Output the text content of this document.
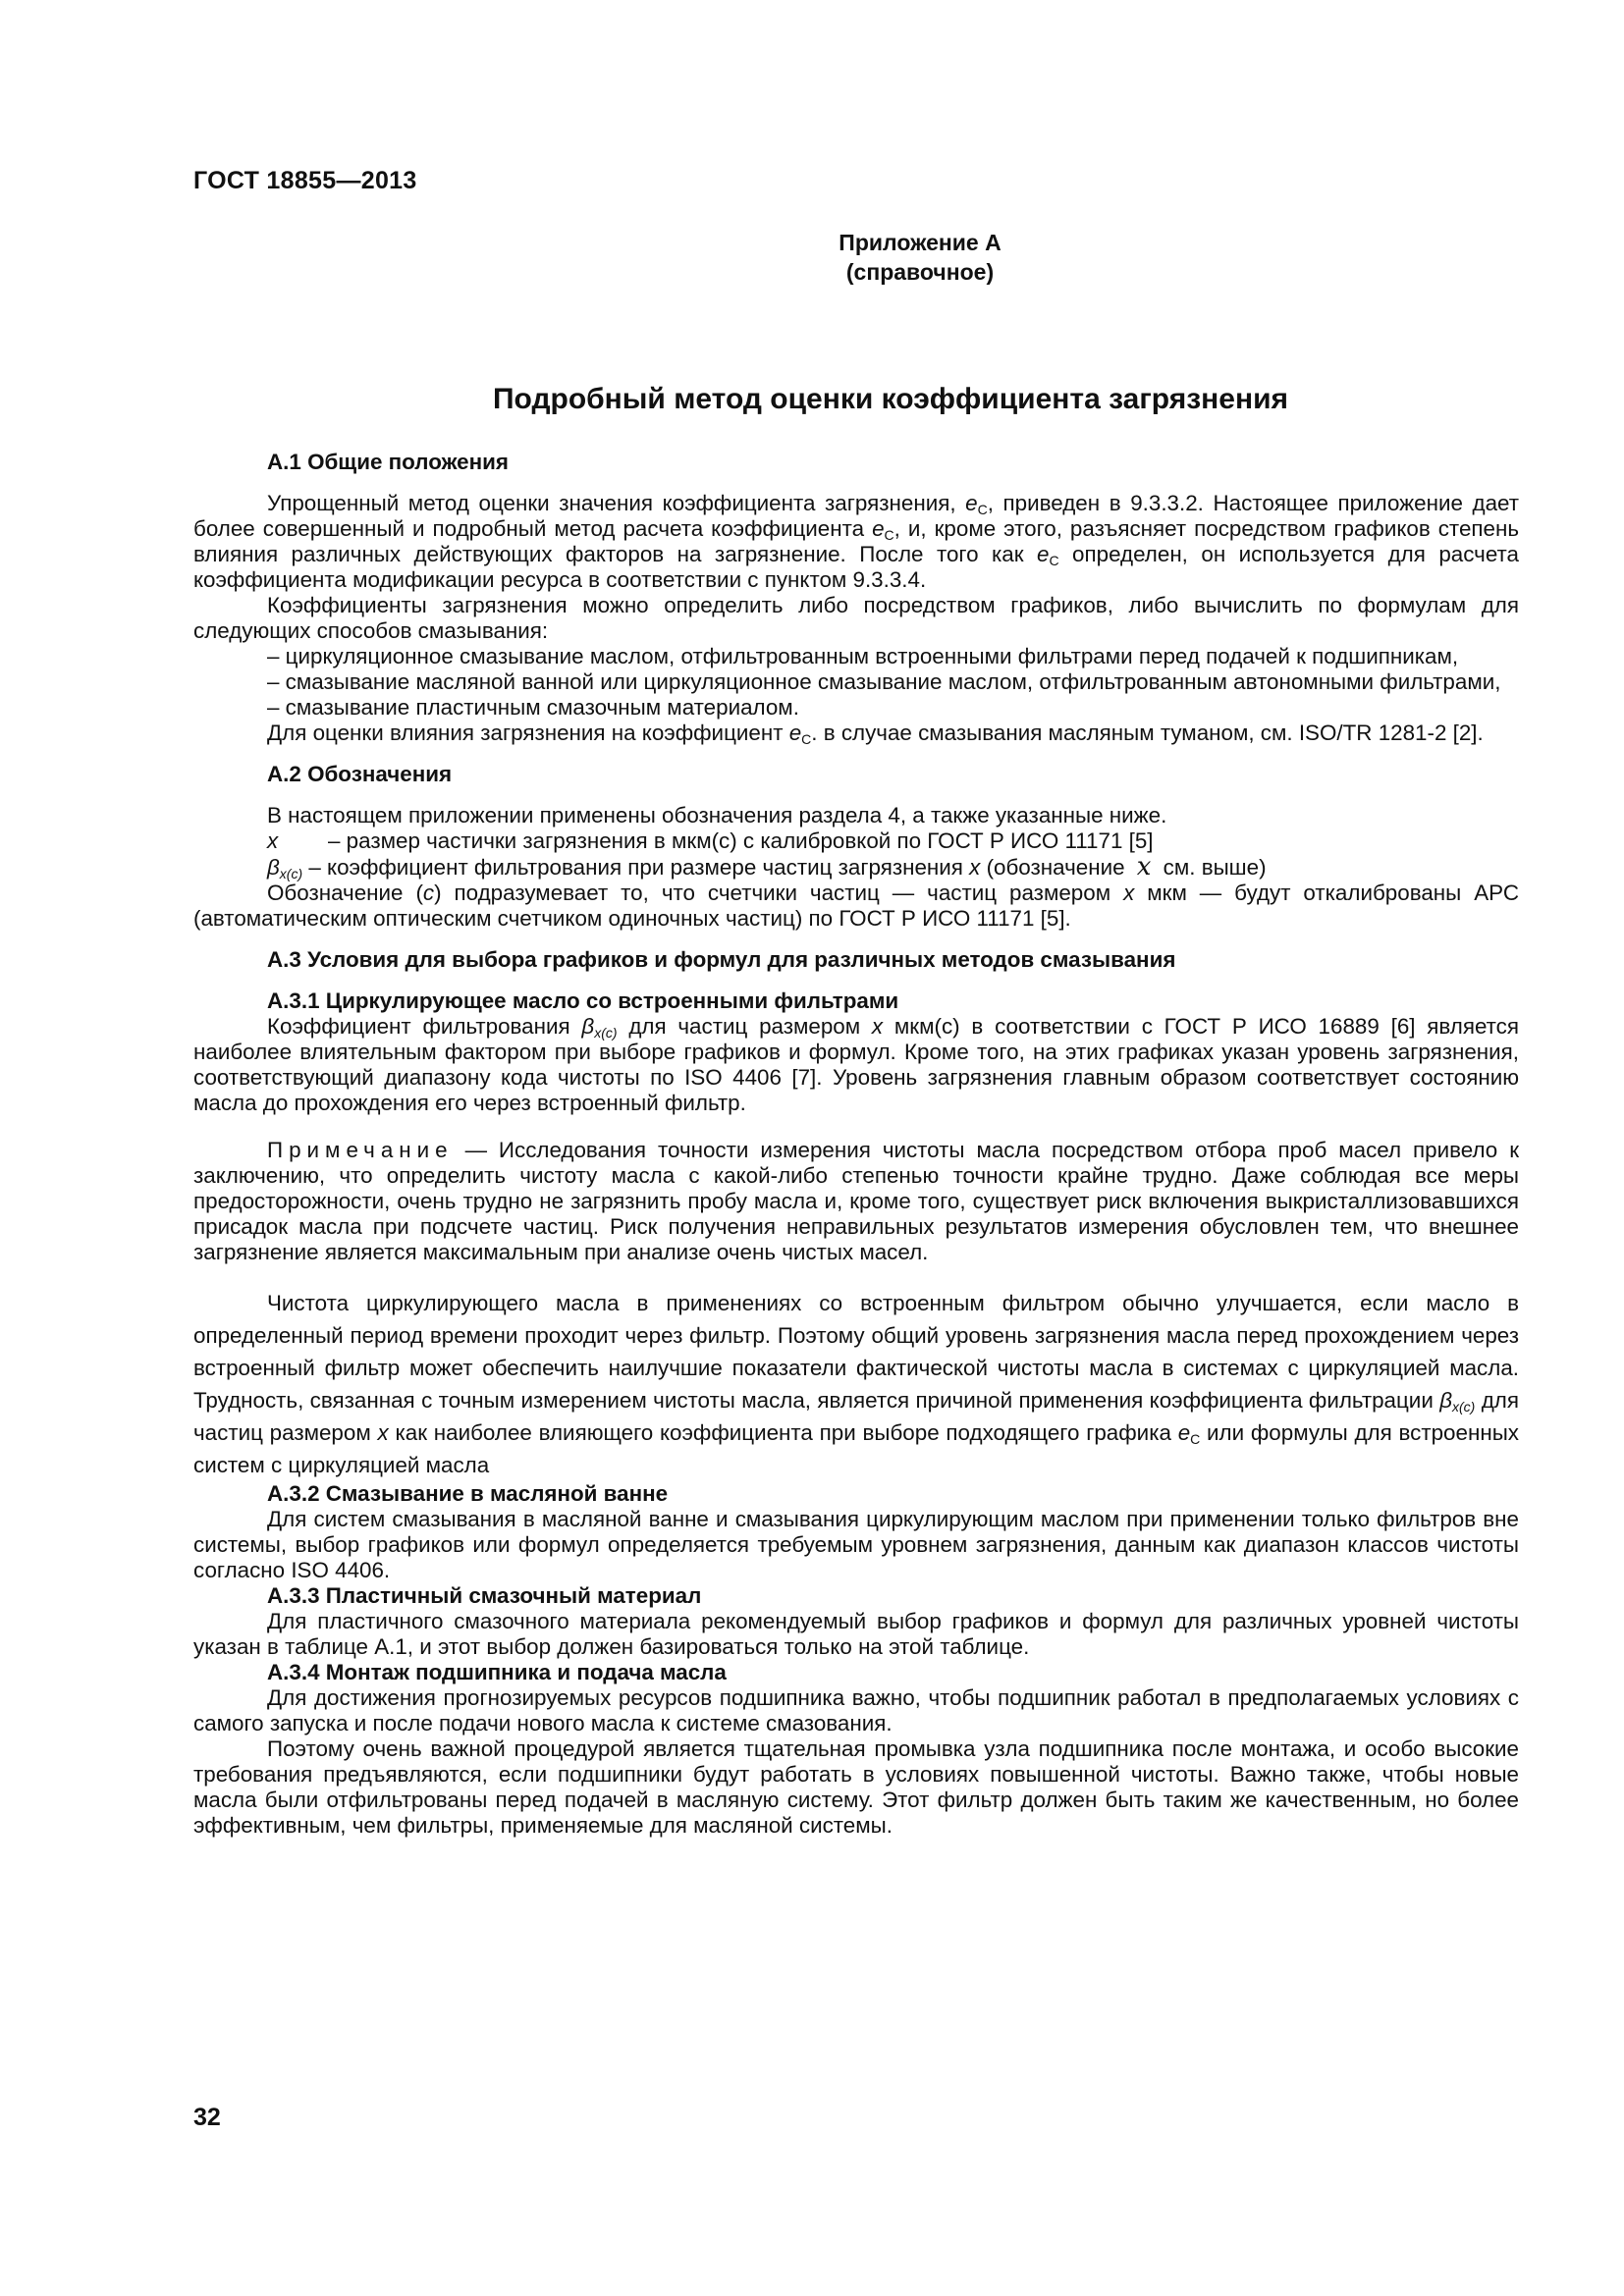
ГОСТ 18855—2013
Приложение А
(справочное)
Подробный метод оценки коэффициента загрязнения
А.1 Общие положения

Упрощенный метод оценки значения коэффициента загрязнения, $e_C$, приведен в 9.3.3.2. Настоящее приложение дает более совершенный и подробный метод расчета коэффициента $e_C$, и, кроме этого, разъясняет посредством графиков степень влияния различных действующих факторов на загрязнение. После того как $e_C$ определен, он используется для расчета коэффициента модификации ресурса в соответствии с пунктом 9.3.3.4.

Коэффициенты загрязнения можно определить либо посредством графиков, либо вычислить по формулам для следующих способов смазывания:

– циркуляционное смазывание маслом, отфильтрованным встроенными фильтрами перед подачей к подшипникам,

– смазывание масляной ванной или циркуляционное смазывание маслом, отфильтрованным автономными фильтрами,

– смазывание пластичным смазочным материалом.

Для оценки влияния загрязнения на коэффициент $e_C$. в случае смазывания масляным туманом, см. ISO/TR 1281-2 [2].

А.2 Обозначения

В настоящем приложении применены обозначения раздела 4, а также указанные ниже.

x – размер частички загрязнения в мкм(с) с калибровкой по ГОСТ Р ИСО 11171 [5]
$\beta_{x(c)}$ – коэффициент фильтрования при размере частиц загрязнения x (обозначение x см. выше)

Обозначение (с) подразумевает то, что счетчики частиц — частиц размером x мкм — будут откалиброваны АРС (автоматическим оптическим счетчиком одиночных частиц) по ГОСТ Р ИСО 11171 [5].

А.3 Условия для выбора графиков и формул для различных методов смазывания
А.3.1 Циркулирующее масло со встроенными фильтрами

Коэффициент фильтрования $\beta_{x(c)}$ для частиц размером x мкм(с) в соответствии с ГОСТ Р ИСО 16889 [6] является наиболее влиятельным фактором при выборе графиков и формул. Кроме того, на этих графиках указан уровень загрязнения, соответствующий диапазону кода чистоты по ISO 4406 [7]. Уровень загрязнения главным образом соответствует состоянию масла до прохождения его через встроенный фильтр.

Примечание — Исследования точности измерения чистоты масла посредством отбора проб масел привело к заключению, что определить чистоту масла с какой-либо степенью точности крайне трудно. Даже соблюдая все меры предосторожности, очень трудно не загрязнить пробу масла и, кроме того, существует риск включения выкристаллизовавшихся присадок масла при подсчете частиц. Риск получения неправильных результатов измерения обусловлен тем, что внешнее загрязнение является максимальным при анализе очень чистых масел.

Чистота циркулирующего масла в применениях со встроенным фильтром обычно улучшается, если масло в определенный период времени проходит через фильтр. Поэтому общий уровень загрязнения масла перед прохождением через встроенный фильтр может обеспечить наилучшие показатели фактической чистоты масла в системах с циркуляцией масла. Трудность, связанная с точным измерением чистоты масла, является причиной применения коэффициента фильтрации $\beta_{x(c)}$ для частиц размером x как наиболее влияющего коэффициента при выборе подходящего графика $e_C$ или формулы для встроенных систем с циркуляцией масла

А.3.2 Смазывание в масляной ванне

Для систем смазывания в масляной ванне и смазывания циркулирующим маслом при применении только фильтров вне системы, выбор графиков или формул определяется требуемым уровнем загрязнения, данным как диапазон классов чистоты согласно ISO 4406.

А.3.3 Пластичный смазочный материал

Для пластичного смазочного материала рекомендуемый выбор графиков и формул для различных уровней чистоты указан в таблице А.1, и этот выбор должен базироваться только на этой таблице.

А.3.4 Монтаж подшипника и подача масла

Для достижения прогнозируемых ресурсов подшипника важно, чтобы подшипник работал в предполагаемых условиях с самого запуска и после подачи нового масла к системе смазования.

Поэтому очень важной процедурой является тщательная промывка узла подшипника после монтажа, и особо высокие требования предъявляются, если подшипники будут работать в условиях повышенной чистоты. Важно также, чтобы новые масла были отфильтрованы перед подачей в масляную систему. Этот фильтр должен быть таким же качественным, но более эффективным, чем фильтры, применяемые для масляной системы.

32
